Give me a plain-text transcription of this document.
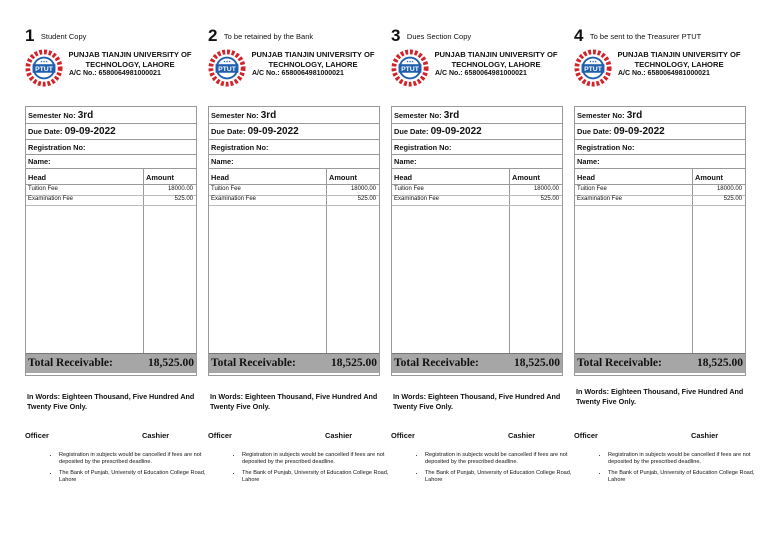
1 Student Copy
PTUT
★★★
PUNJAB TIANJIN UNIVERSITY OF TECHNOLOGY, LAHORE
A/C No.: 6580064981000021
Semester No: 3rd
Due Date: 09-09-2022
Registration No:
Name:
Head	Amount
Tuition Fee	18000.00
Examination Fee	525.00
Total Receivable:	18,525.00
In Words: Eighteen Thousand, Five Hundred And Twenty Five Only.
Officer	Cashier
• Registration in subjects would be cancelled if fees are not deposited by the prescribed deadline.
• The Bank of Punjab, University of Education College Road, Lahore
2 To be retained by the Bank
PTUT
★★★
PUNJAB TIANJIN UNIVERSITY OF TECHNOLOGY, LAHORE
A/C No.: 6580064981000021
Semester No: 3rd
Due Date: 09-09-2022
Registration No:
Name:
Head	Amount
Tuition Fee	18000.00
Examination Fee	525.00
Total Receivable:	18,525.00
In Words: Eighteen Thousand, Five Hundred And Twenty Five Only.
Officer	Cashier
• Registration in subjects would be cancelled if fees are not deposited by the prescribed deadline.
• The Bank of Punjab, University of Education College Road, Lahore
3 Dues Section Copy
PTUT
★★★
PUNJAB TIANJIN UNIVERSITY OF TECHNOLOGY, LAHORE
A/C No.: 6580064981000021
Semester No: 3rd
Due Date: 09-09-2022
Registration No:
Name:
Head	Amount
Tuition Fee	18000.00
Examination Fee	525.00
Total Receivable:	18,525.00
In Words: Eighteen Thousand, Five Hundred And Twenty Five Only.
Officer	Cashier
• Registration in subjects would be cancelled if fees are not deposited by the prescribed deadline.
• The Bank of Punjab, University of Education College Road, Lahore
4 To be sent to the Treasurer PTUT
PTUT
★★★
PUNJAB TIANJIN UNIVERSITY OF TECHNOLOGY, LAHORE
A/C No.: 6580064981000021
Semester No: 3rd
Due Date: 09-09-2022
Registration No:
Name:
Head	Amount
Tuition Fee	18000.00
Examination Fee	525.00
Total Receivable:	18,525.00
In Words: Eighteen Thousand, Five Hundred And Twenty Five Only.
Officer	Cashier
• Registration in subjects would be cancelled if fees are not deposited by the prescribed deadline.
• The Bank of Punjab, University of Education College Road, Lahore
